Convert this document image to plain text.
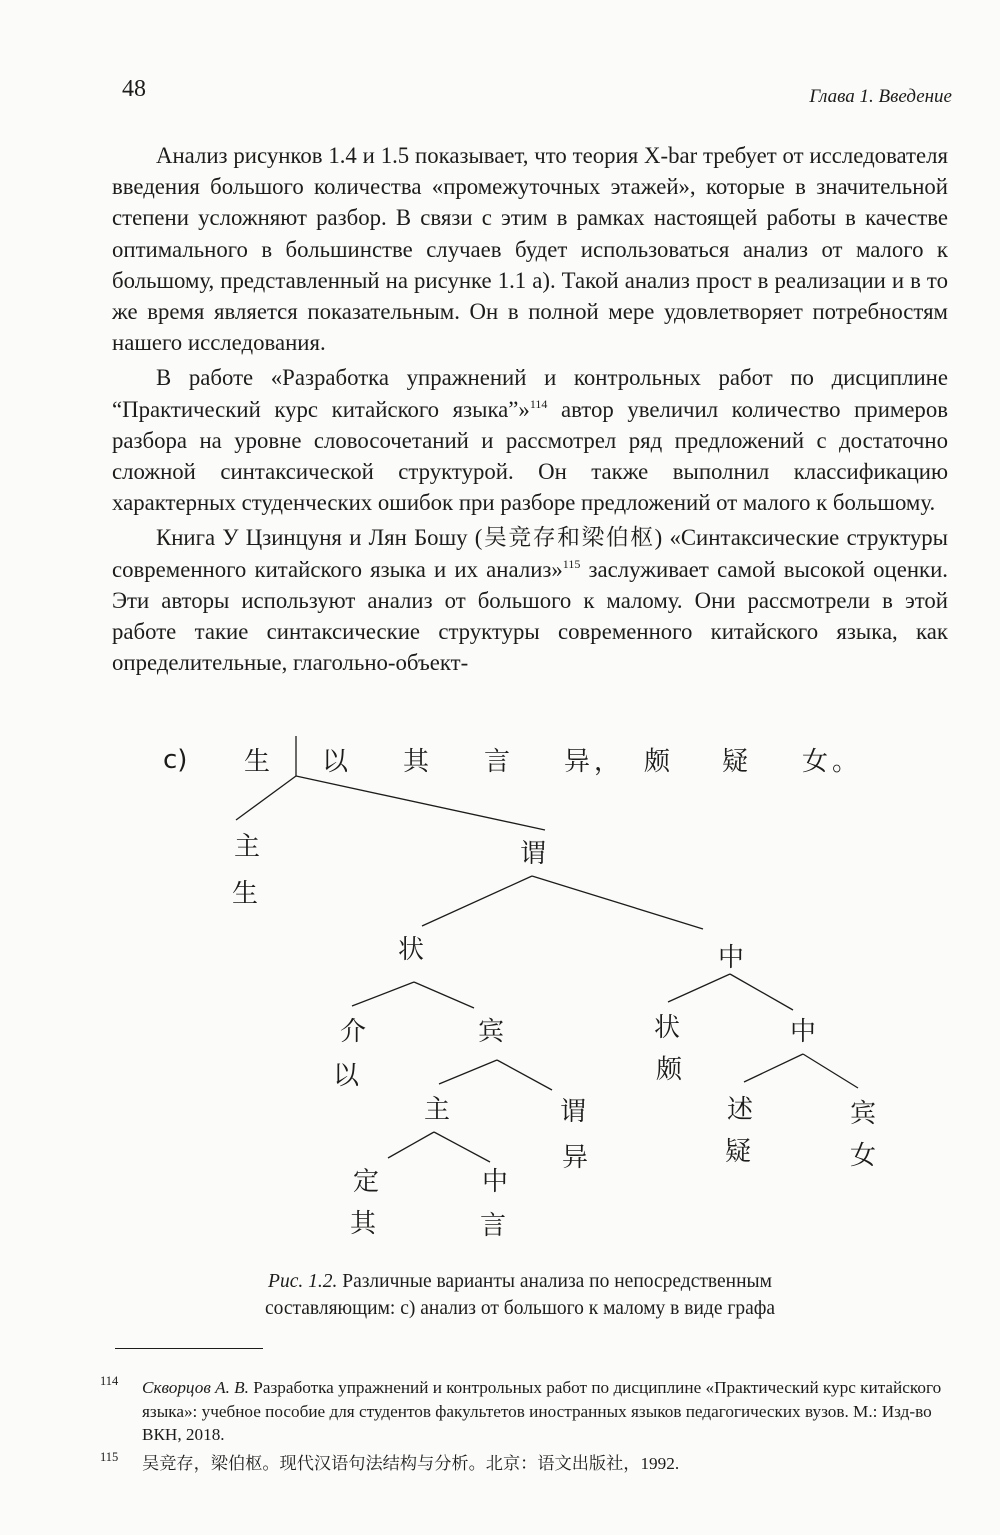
48	Глава 1. Введение

Анализ рисунков 1.4 и 1.5 показывает, что теория X-bar требует от исследователя введения большого количества «промежуточных этажей», которые в значительной степени усложняют разбор. В связи с этим в рамках настоящей работы в качестве оптимального в большинстве случаев будет использоваться анализ от малого к большому, представленный на рисунке 1.1 а). Такой анализ прост в реализации и в то же время является показательным. Он в полной мере удовлетворяет потребностям нашего исследования.

В работе «Разработка упражнений и контрольных работ по дисциплине “Практический курс китайского языка”»$^{114}$ автор увеличил количество примеров разбора на уровне словосочетаний и рассмотрел ряд предложений с достаточно сложной синтаксической структурой. Он также выполнил классификацию характерных студенческих ошибок при разборе предложений от малого к большому.

Книга У Цзинцуня и Лян Бошу (吴竞存和梁伯枢) «Синтаксические структуры современного китайского языка и их анализ»$^{115}$ заслуживает самой высокой оценки. Эти авторы используют анализ от большого к малому. Они рассмотрели в этой работе такие синтаксические структуры современного китайского языка, как определительные, глагольно-объект-

c) 生 以 其 言 异 ， 颇 疑 女 。
主
生
谓
状	中
介
以
宾
主	谓
异
定
其
中
言
状
颇
中
述
疑
宾
女
Рис. 1.2. Различные варианты анализа по непосредственным
составляющим: c) анализ от большого к малому в виде графа
114 Скворцов А. В. Разработка упражнений и контрольных работ по дисциплине «Практический курс китайского языка»: учебное пособие для студентов факультетов иностранных языков педагогических вузов. М.: Изд-во ВКН, 2018.
115 吴竞存，梁伯枢。现代汉语句法结构与分析。北京：语文出版社，1992.
